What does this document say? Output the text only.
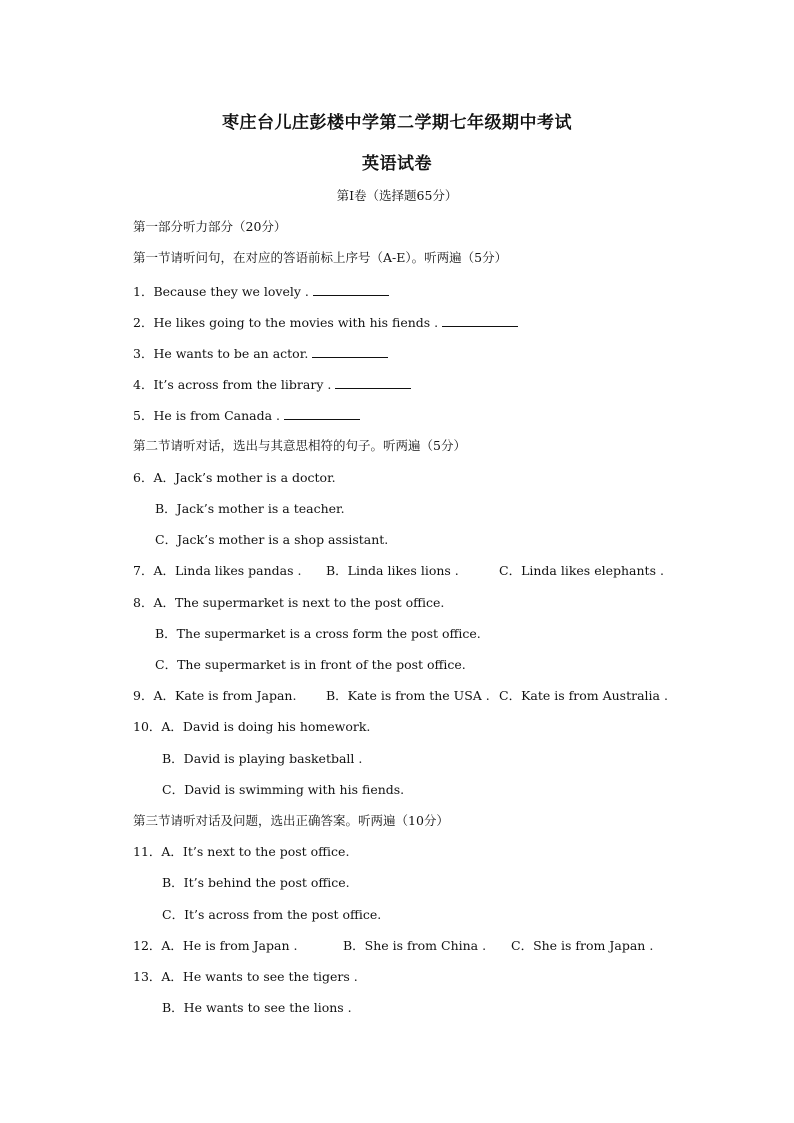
枣庄台儿庄彭楼中学第二学期七年级期中考试
英语试卷
第Ⅰ卷（选择题65分）
第一部分听力部分（20分）
第一节请听问句，在对应的答语前标上序号（A-E）。听两遍（5分）
1．Because they we lovely .
2．He likes going to the movies with his fiends .
3．He wants to be an actor.
4．It’s across from the library .
5．He is from Canada .
第二节请听对话，选出与其意思相符的句子。听两遍（5分）
6．A．Jack’s mother is a doctor.
B．Jack’s mother is a teacher.
C．Jack’s mother is a shop assistant.
7．A．Linda likes pandas . B．Linda likes lions .	C．Linda likes elephants .
8．A．The supermarket is next to the post office.
B．The supermarket is a cross form the post office.
C．The supermarket is in front of the post office.
9．A．Kate is from Japan. B．Kate is from the USA . C．Kate is from Australia .
10．A．David is doing his homework.
B．David is playing basketball .
C．David is swimming with his fiends.
第三节请听对话及问题，选出正确答案。听两遍（10分）
11．A．It’s next to the post office.
B．It’s behind the post office.
C．It’s across from the post office.
12．A．He is from Japan .	B．She is from China . C．She is from Japan .
13．A．He wants to see the tigers .
B．He wants to see the lions .
